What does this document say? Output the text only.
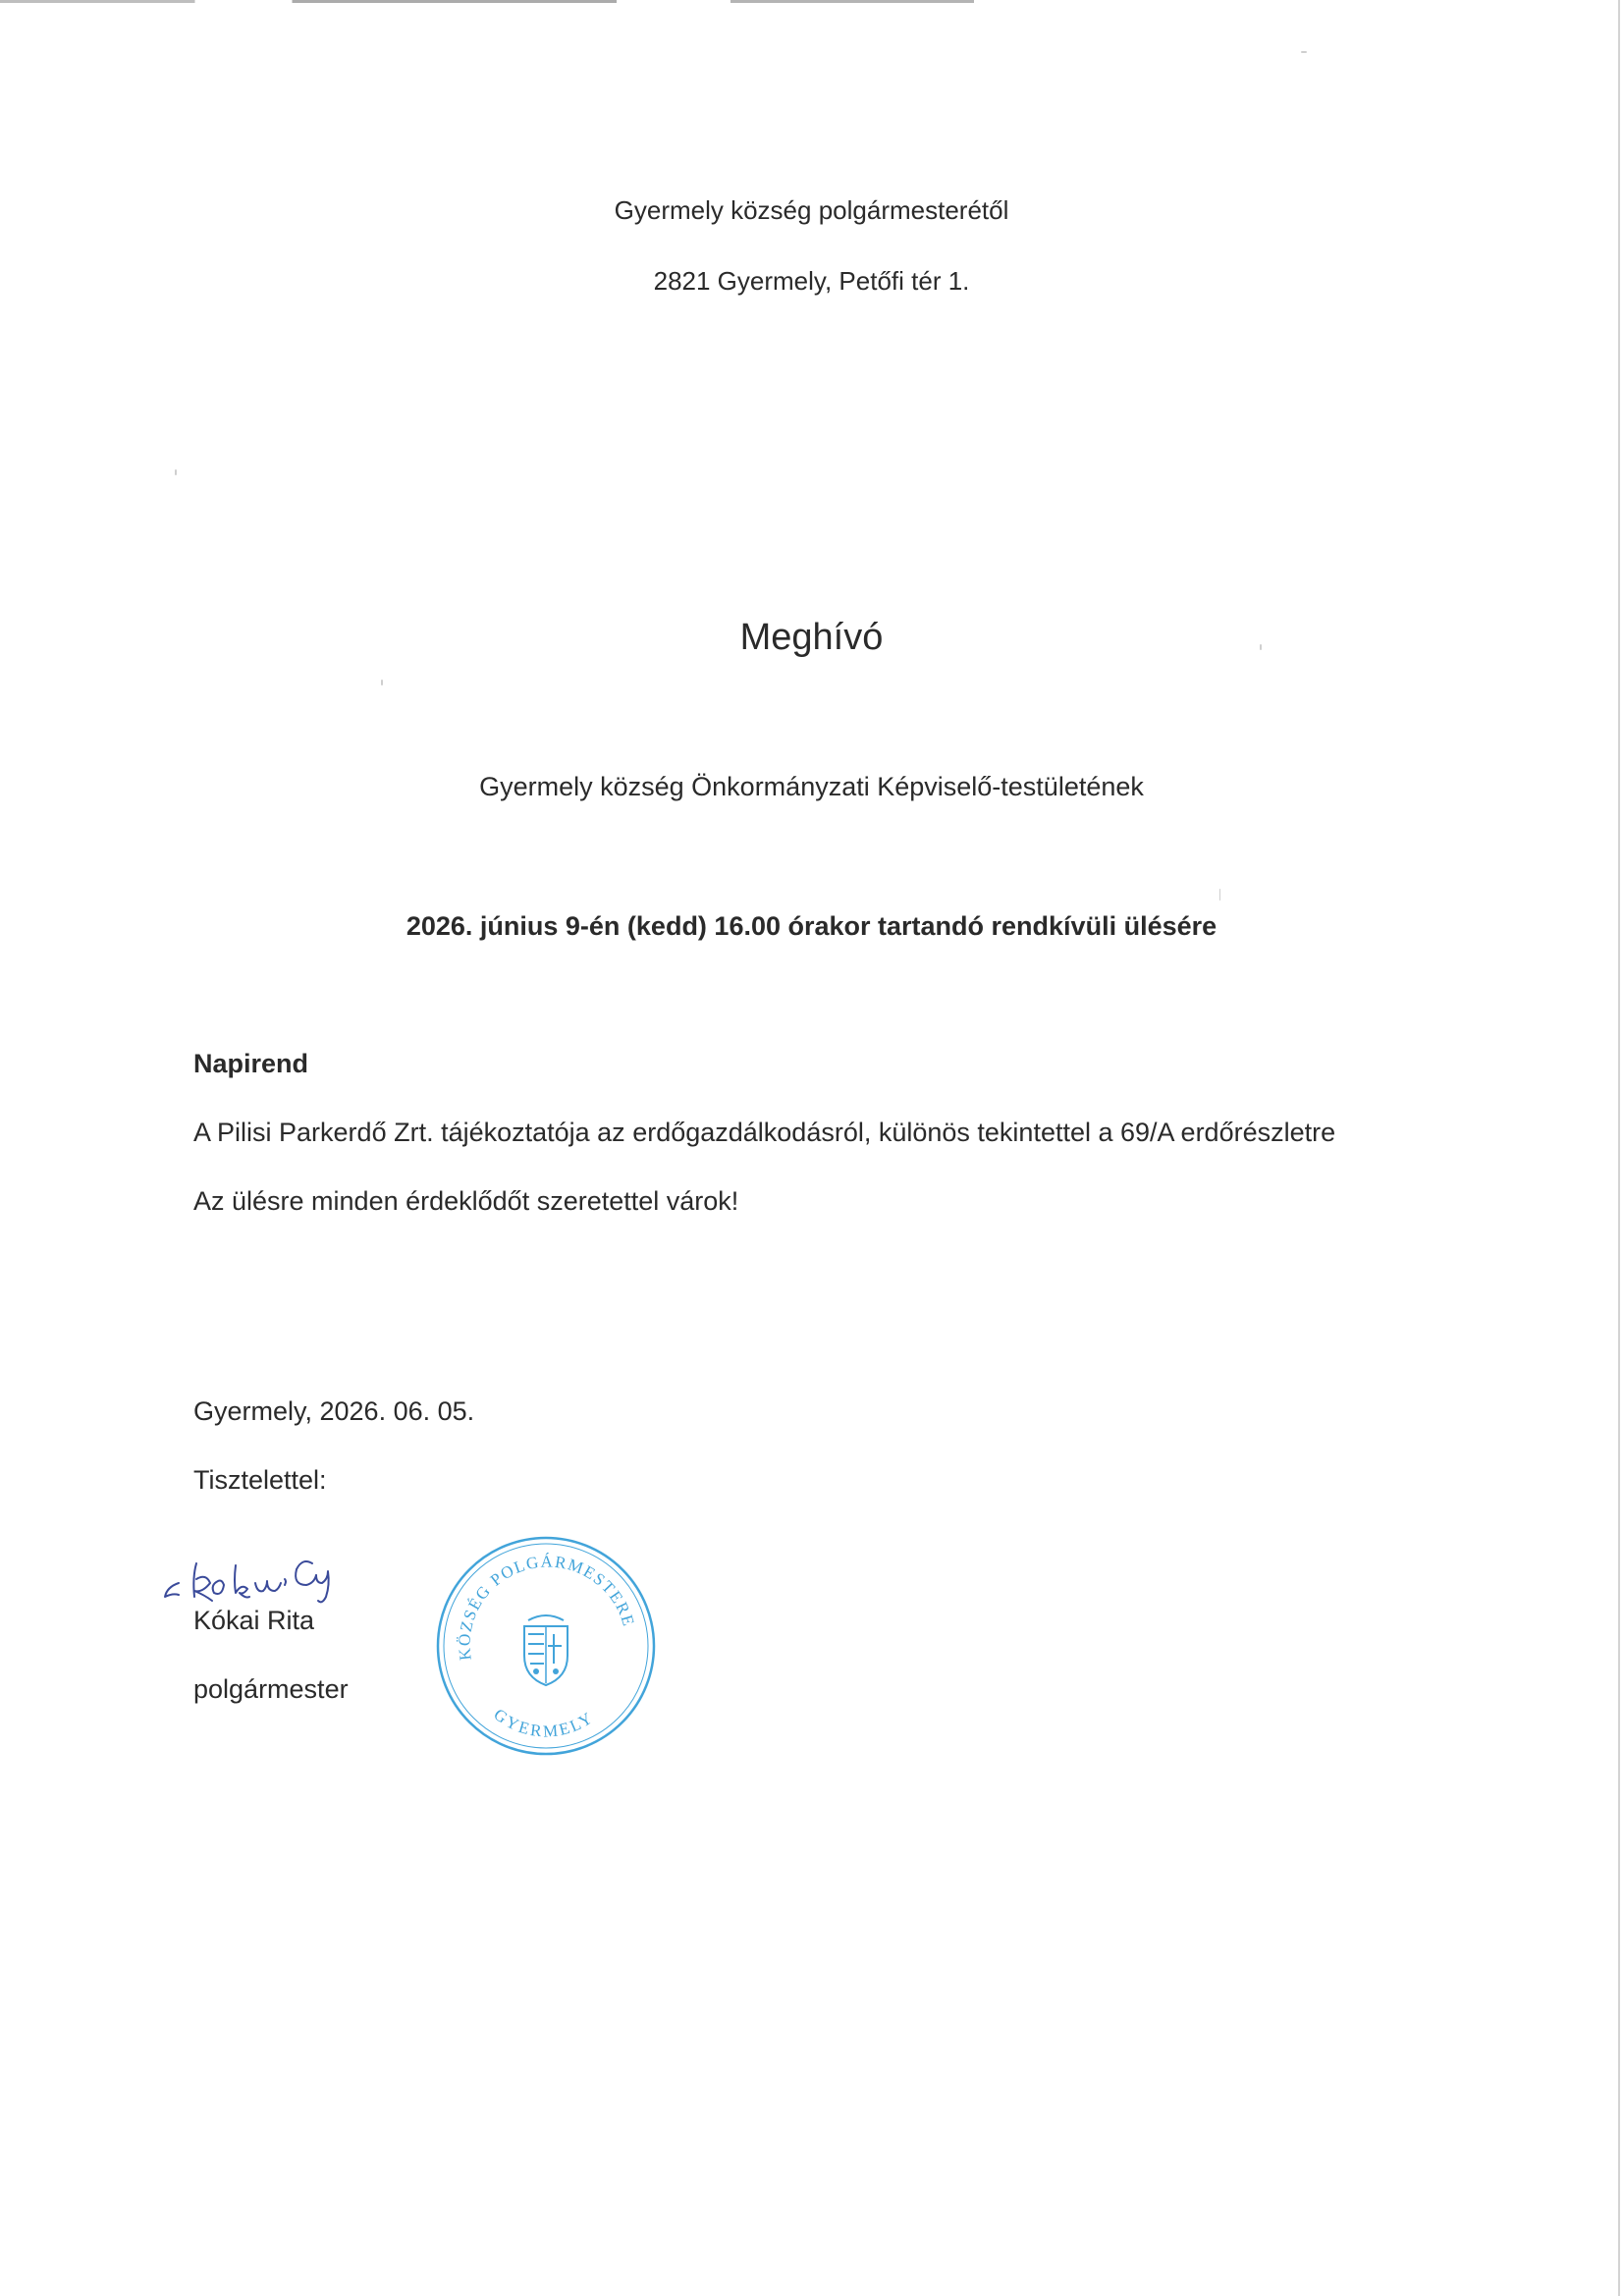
Gyermely község polgármesterétől
2821 Gyermely, Petőfi tér 1.
Meghívó
Gyermely község Önkormányzati Képviselő-testületének
2026. június 9-én (kedd) 16.00 órakor tartandó rendkívüli ülésére
Napirend
A Pilisi Parkerdő Zrt. tájékoztatója az erdőgazdálkodásról, különös tekintettel a 69/A erdőrészletre
Az ülésre minden érdeklődőt szeretettel várok!
Gyermely, 2026. 06. 05.
Tisztelettel:
Kókai Rita
polgármester
KÖZSÉG POLGÁRMESTERE
GYERMELY
